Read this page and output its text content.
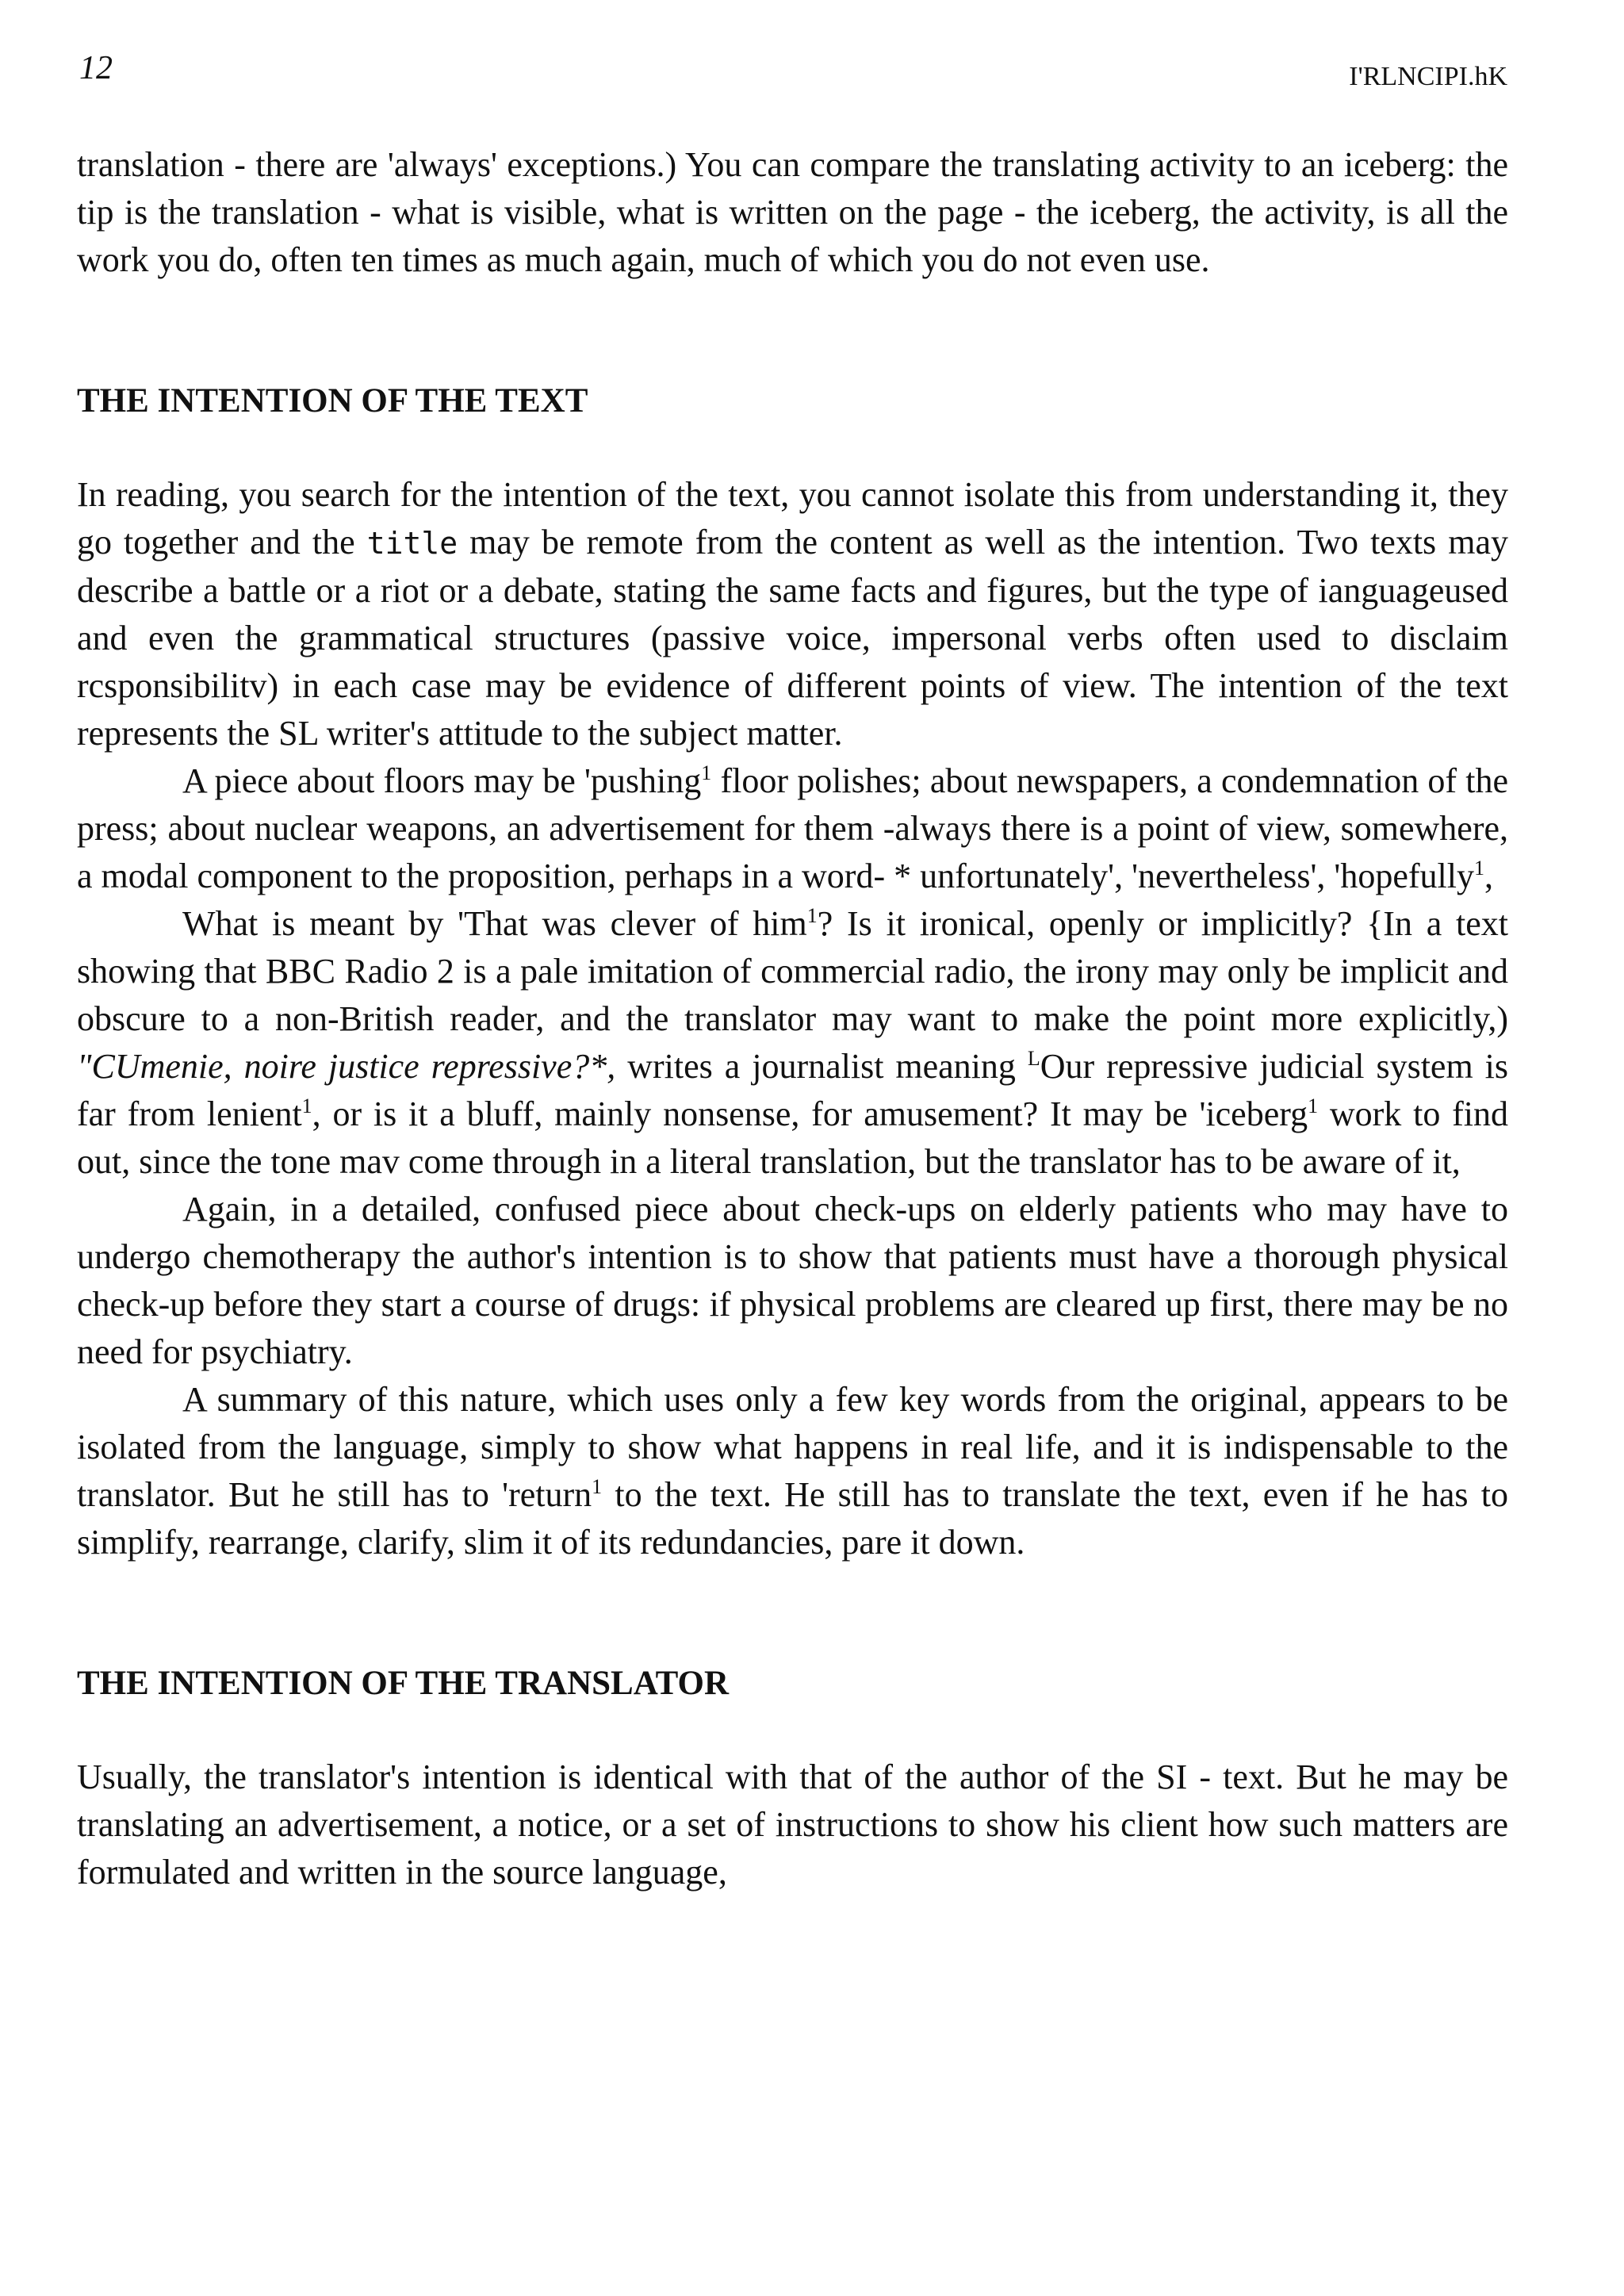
12	I'RLNCIPI.hK

translation - there are 'always' exceptions.) You can compare the translating activity to an iceberg: the tip is the translation - what is visible, what is written on the page - the iceberg, the activity, is all the work you do, often ten times as much again, much of which you do not even use.

THE INTENTION OF THE TEXT

In reading, you search for the intention of the text, you cannot isolate this from understanding it, they go together and the title may be remote from the content as well as the intention. Two texts may describe a battle or a riot or a debate, stating the same facts and figures, but the type of ianguageused and even the grammatical structures (passive voice, impersonal verbs often used to disclaim rcsponsibilitv) in each case may be evidence of different points of view. The intention of the text represents the SL writer's attitude to the subject matter.

A piece about floors may be 'pushing$^1$ floor polishes; about newspapers, a condemnation of the press; about nuclear weapons, an advertisement for them -always there is a point of view, somewhere, a modal component to the proposition, perhaps in a word- * unfortunately', 'nevertheless', 'hopefully$^1$,

What is meant by 'That was clever of him$^1$? Is it ironical, openly or implicitly? {In a text showing that BBC Radio 2 is a pale imitation of commercial radio, the irony may only be implicit and obscure to a non-British reader, and the translator may want to make the point more explicitly,) "CUmenie, noire justice repressive?*, writes a journalist meaning $^L$Our repressive judicial system is far from lenient$^1$, or is it a bluff, mainly nonsense, for amusement? It may be 'iceberg$^1$ work to find out, since the tone mav come through in a literal translation, but the translator has to be aware of it,

Again, in a detailed, confused piece about check-ups on elderly patients who may have to undergo chemotherapy the author's intention is to show that patients must have a thorough physical check-up before they start a course of drugs: if physical problems are cleared up first, there may be no need for psychiatry.

A summary of this nature, which uses only a few key words from the original, appears to be isolated from the language, simply to show what happens in real life, and it is indispensable to the translator. But he still has to 'return$^1$ to the text. He still has to translate the text, even if he has to simplify, rearrange, clarify, slim it of its redundancies, pare it down.

THE INTENTION OF THE TRANSLATOR

Usually, the translator's intention is identical with that of the author of the SI - text. But he may be translating an advertisement, a notice, or a set of instructions to show his client how such matters are formulated and written in the source language,
